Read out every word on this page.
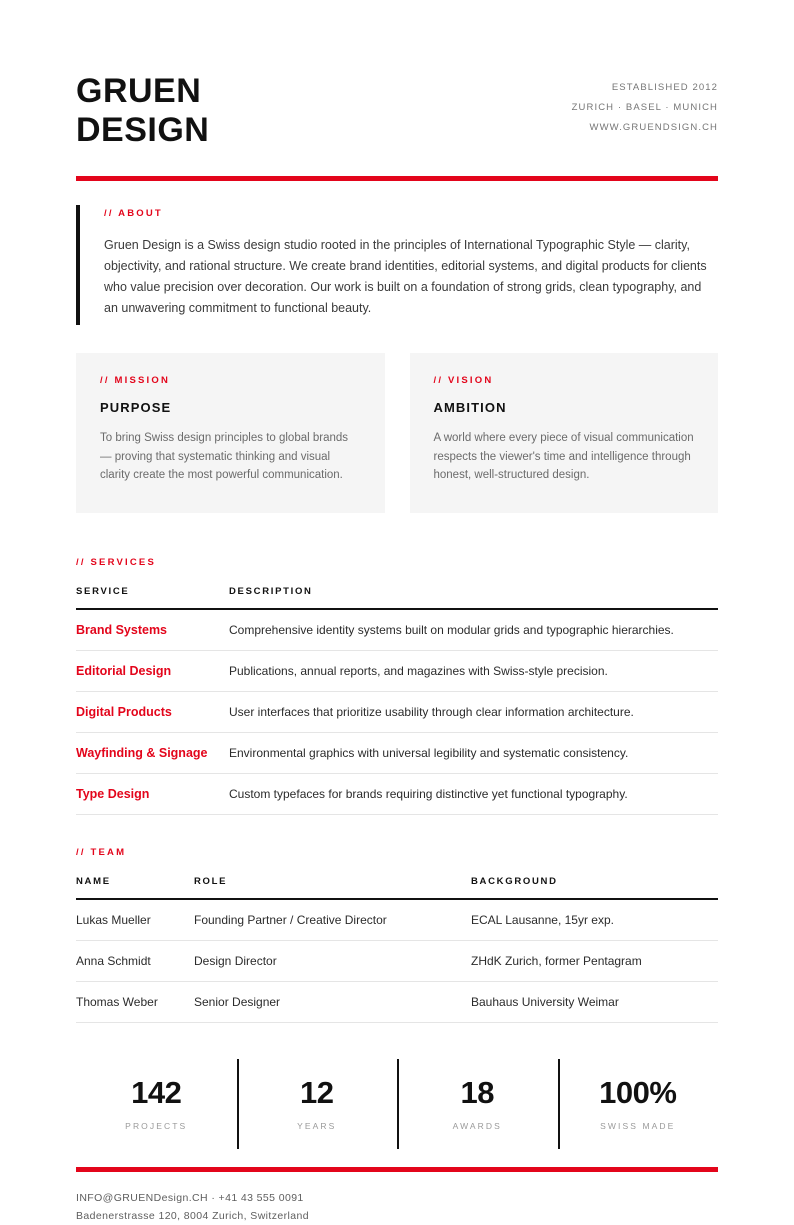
GRUEN
DESIGN
ESTABLISHED 2012
ZURICH · BASEL · MUNICH
WWW.GRUENDSIGN.CH

// ABOUT

Gruen Design is a Swiss design studio rooted in the principles of International Typographic Style — clarity, objectivity, and rational structure. We create brand identities, editorial systems, and digital products for clients who value precision over decoration. Our work is built on a foundation of strong grids, clean typography, and an unwavering commitment to functional beauty.

// MISSION

PURPOSE

To bring Swiss design principles to global brands — proving that systematic thinking and visual clarity create the most powerful communication.

// VISION

AMBITION

A world where every piece of visual communication respects the viewer's time and intelligence through honest, well-structured design.

// SERVICES

SERVICE	DESCRIPTION
Brand Systems	Comprehensive identity systems built on modular grids and typographic hierarchies.
Editorial Design	Publications, annual reports, and magazines with Swiss-style precision.
Digital Products	User interfaces that prioritize usability through clear information architecture.
Wayfinding & Signage	Environmental graphics with universal legibility and systematic consistency.
Type Design	Custom typefaces for brands requiring distinctive yet functional typography.

// TEAM

NAME	ROLE	BACKGROUND
Lukas Mueller	Founding Partner / Creative Director	ECAL Lausanne, 15yr exp.
Anna Schmidt	Design Director	ZHdK Zurich, former Pentagram
Thomas Weber	Senior Designer	Bauhaus University Weimar
142
PROJECTS
12
YEARS
18
AWARDS
100%
SWISS MADE
INFO@GRUENDesign.CH · +41 43 555 0091
Badenerstrasse 120, 8004 Zurich, Switzerland
